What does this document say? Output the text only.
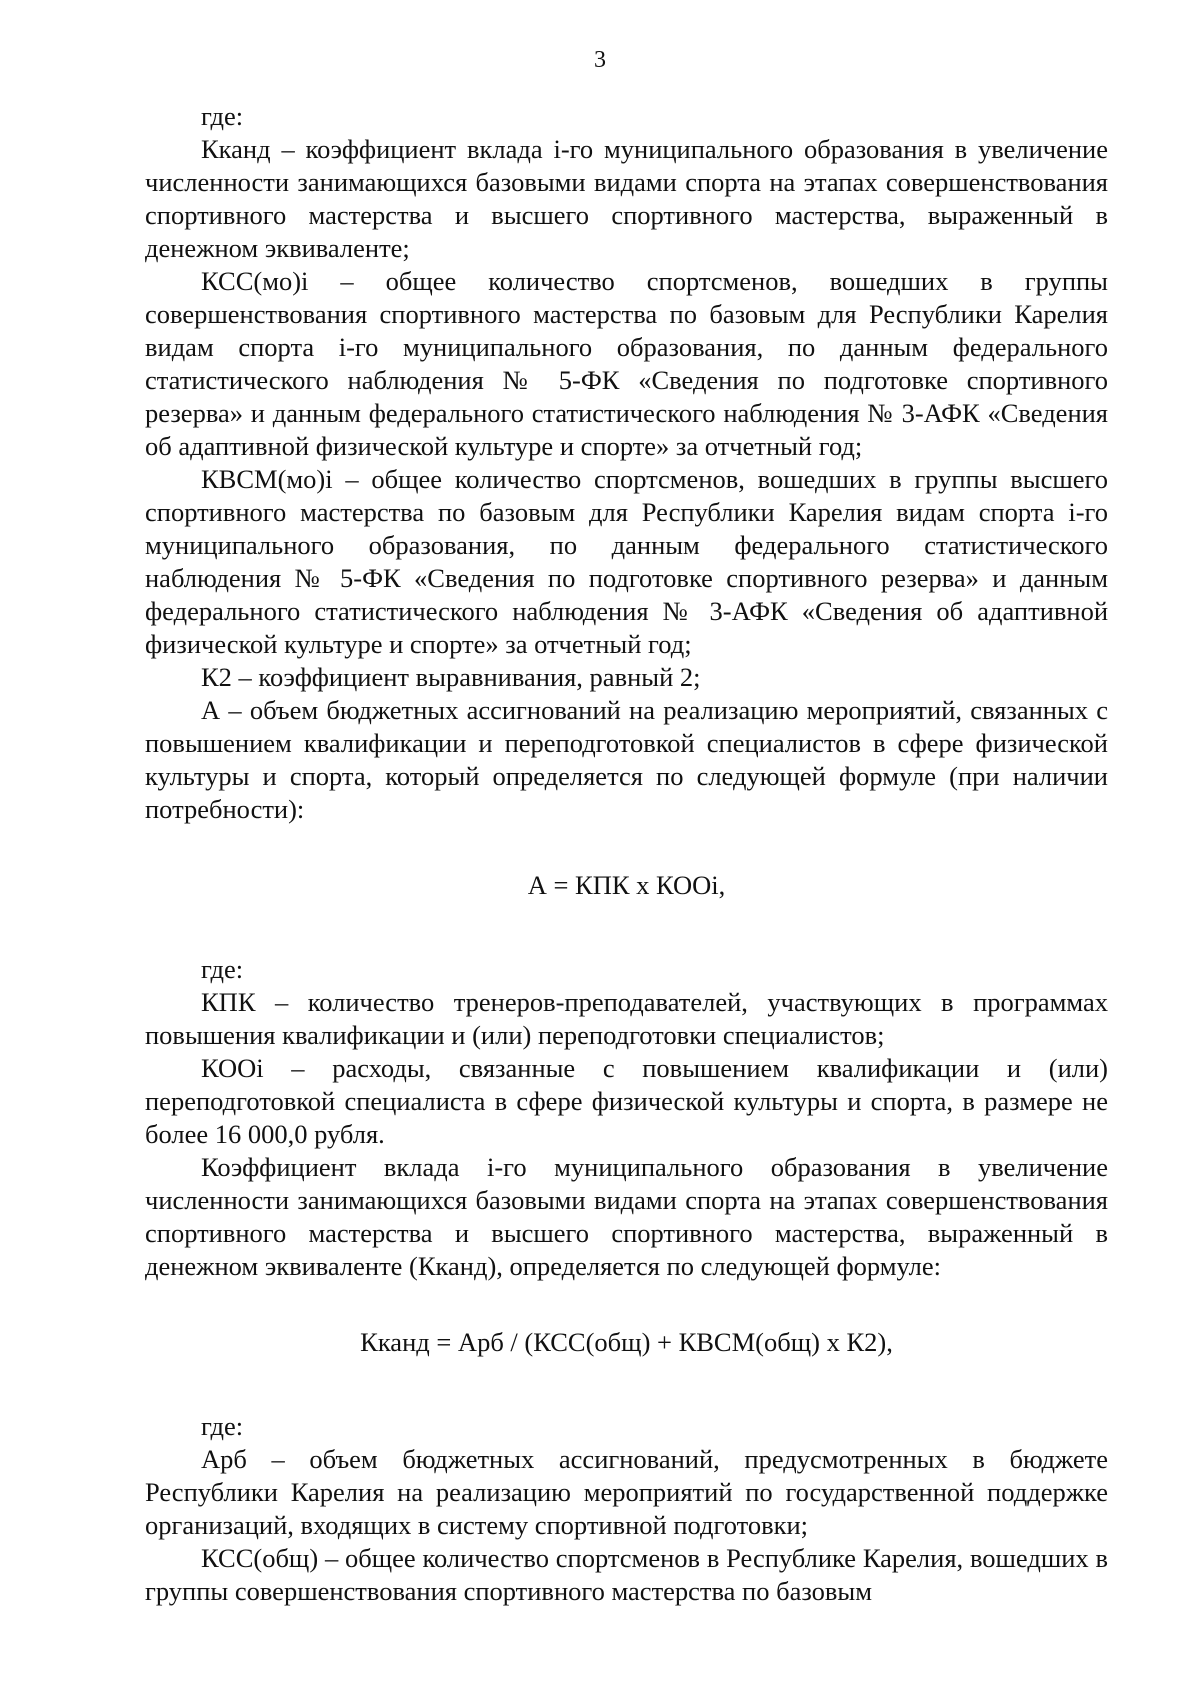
3

где:

Кканд – коэффициент вклада i-го муниципального образования в увеличение численности занимающихся базовыми видами спорта на этапах совершенствования спортивного мастерства и высшего спортивного мастерства, выраженный в денежном эквиваленте;

КСС(мо)i – общее количество спортсменов, вошедших в группы совершенствования спортивного мастерства по базовым для Республики Карелия видам спорта i-го муниципального образования, по данным федерального статистического наблюдения № 5-ФК «Сведения по подготовке спортивного резерва» и данным федерального статистического наблюдения № 3-АФК «Сведения об адаптивной физической культуре и спорте» за отчетный год;

КВСМ(мо)i – общее количество спортсменов, вошедших в группы высшего спортивного мастерства по базовым для Республики Карелия видам спорта i-го муниципального образования, по данным федерального статистического наблюдения № 5-ФК «Сведения по подготовке спортивного резерва» и данным федерального статистического наблюдения № 3-АФК «Сведения об адаптивной физической культуре и спорте» за отчетный год;

К2 – коэффициент выравнивания, равный 2;

А – объем бюджетных ассигнований на реализацию мероприятий, связанных с повышением квалификации и переподготовкой специалистов в сфере физической культуры и спорта, который определяется по следующей формуле (при наличии потребности):

А = КПК х КООi,

где:

КПК – количество тренеров-преподавателей, участвующих в программах повышения квалификации и (или) переподготовки специалистов;

КООi – расходы, связанные с повышением квалификации и (или) переподготовкой специалиста в сфере физической культуры и спорта, в размере не более 16 000,0 рубля.

Коэффициент вклада i-го муниципального образования в увеличение численности занимающихся базовыми видами спорта на этапах совершенствования спортивного мастерства и высшего спортивного мастерства, выраженный в денежном эквиваленте (Кканд), определяется по следующей формуле:

Кканд = Арб / (КСС(общ) + КВСМ(общ) х К2),

где:

Арб – объем бюджетных ассигнований, предусмотренных в бюджете Республики Карелия на реализацию мероприятий по государственной поддержке организаций, входящих в систему спортивной подготовки;

КСС(общ) – общее количество спортсменов в Республике Карелия, вошедших в группы совершенствования спортивного мастерства по базовым
